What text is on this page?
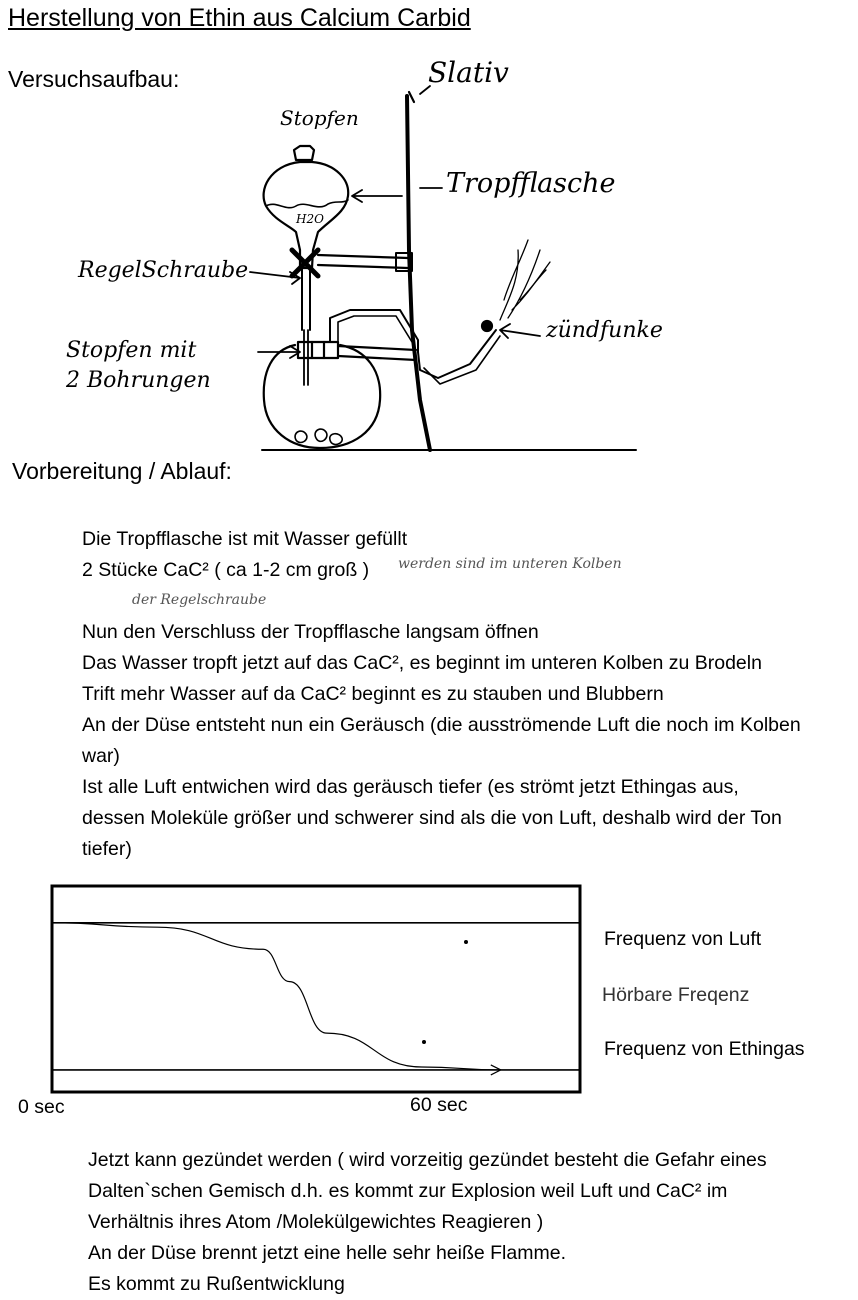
Herstellung von Ethin aus Calcium Carbid
Versuchsaufbau:	Slativ
Stopfen
Tropfflasche
H2O
RegelSchraube
zündfunke
Stopfen mit
2 Bohrungen
Vorbereitung / Ablauf:
Die Tropfflasche ist mit Wasser gefüllt
2 Stücke CaC² ( ca 1-2 cm groß )
Nun den Verschluss der Tropfflasche langsam öffnen
Das Wasser tropft jetzt auf das CaC², es beginnt im unteren Kolben zu Brodeln
Trift mehr Wasser auf da CaC² beginnt es zu stauben und Blubbern
An der Düse entsteht nun ein Geräusch (die ausströmende Luft die noch im Kolben
war)
Ist alle Luft entwichen wird das geräusch tiefer (es strömt jetzt Ethingas aus,
dessen Moleküle größer und schwerer sind als die von Luft, deshalb wird der Ton
tiefer)
werden sind im unteren Kolben
der Regelschraube
Frequenz von Luft
Hörbare Freqenz
Frequenz von Ethingas
0 sec	60 sec
Jetzt kann gezündet werden ( wird vorzeitig gezündet besteht die Gefahr eines
Dalten`schen Gemisch d.h. es kommt zur Explosion weil Luft und CaC² im
Verhältnis ihres Atom /Molekülgewichtes Reagieren )
An der Düse brennt jetzt eine helle sehr heiße Flamme.
Es kommt zu Rußentwicklung
